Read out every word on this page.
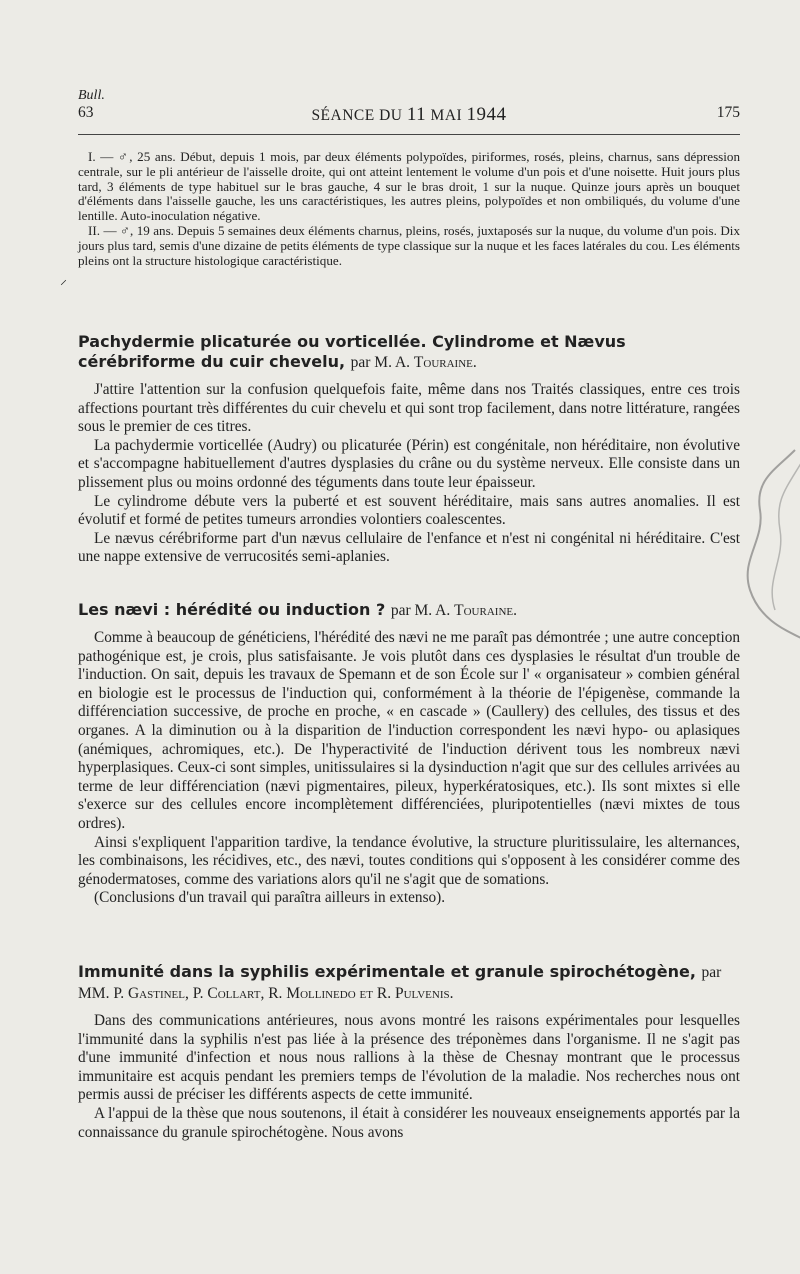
Bull.
63	SÉANCE DU 11 MAI 1944	175

I. — ♂, 25 ans. Début, depuis 1 mois, par deux éléments polypoïdes, piriformes, rosés, pleins, charnus, sans dépression centrale, sur le pli antérieur de l'aisselle droite, qui ont atteint lentement le volume d'un pois et d'une noisette. Huit jours plus tard, 3 éléments de type habituel sur le bras gauche, 4 sur le bras droit, 1 sur la nuque. Quinze jours après un bouquet d'éléments dans l'aisselle gauche, les uns caractéristiques, les autres pleins, polypoïdes et non ombiliqués, du volume d'une lentille. Auto-inoculation négative.

II. — ♂, 19 ans. Depuis 5 semaines deux éléments charnus, pleins, rosés, juxtaposés sur la nuque, du volume d'un pois. Dix jours plus tard, semis d'une dizaine de petits éléments de type classique sur la nuque et les faces latérales du cou. Les éléments pleins ont la structure histologique caractéristique.

⸝
Pachydermie plicaturée ou vorticellée. Cylindrome et Nævus cérébriforme du cuir chevelu, par M. A. Touraine.

J'attire l'attention sur la confusion quelquefois faite, même dans nos Traités classiques, entre ces trois affections pourtant très différentes du cuir chevelu et qui sont trop facilement, dans notre littérature, rangées sous le premier de ces titres.

La pachydermie vorticellée (Audry) ou plicaturée (Périn) est congénitale, non héréditaire, non évolutive et s'accompagne habituellement d'autres dysplasies du crâne ou du système nerveux. Elle consiste dans un plissement plus ou moins ordonné des téguments dans toute leur épaisseur.

Le cylindrome débute vers la puberté et est souvent héréditaire, mais sans autres anomalies. Il est évolutif et formé de petites tumeurs arrondies volontiers coalescentes.

Le nævus cérébriforme part d'un nævus cellulaire de l'enfance et n'est ni congénital ni héréditaire. C'est une nappe extensive de verrucosités semi-aplanies.

Les nævi : hérédité ou induction ? par M. A. Touraine.

Comme à beaucoup de généticiens, l'hérédité des nævi ne me paraît pas démontrée ; une autre conception pathogénique est, je crois, plus satisfaisante. Je vois plutôt dans ces dysplasies le résultat d'un trouble de l'induction. On sait, depuis les travaux de Spemann et de son École sur l' « organisateur » combien général en biologie est le processus de l'induction qui, conformément à la théorie de l'épigenèse, commande la différenciation successive, de proche en proche, « en cascade » (Caullery) des cellules, des tissus et des organes. A la diminution ou à la disparition de l'induction correspondent les nævi hypo- ou aplasiques (anémiques, achromiques, etc.). De l'hyperactivité de l'induction dérivent tous les nombreux nævi hyperplasiques. Ceux-ci sont simples, unitissulaires si la dysinduction n'agit que sur des cellules arrivées au terme de leur différenciation (nævi pigmentaires, pileux, hyperkératosiques, etc.). Ils sont mixtes si elle s'exerce sur des cellules encore incomplètement différenciées, pluripotentielles (nævi mixtes de tous ordres).

Ainsi s'expliquent l'apparition tardive, la tendance évolutive, la structure pluritissulaire, les alternances, les combinaisons, les récidives, etc., des nævi, toutes conditions qui s'opposent à les considérer comme des génodermatoses, comme des variations alors qu'il ne s'agit que de somations.

(Conclusions d'un travail qui paraîtra ailleurs in extenso).

Immunité dans la syphilis expérimentale et granule spirochétogène, par MM. P. Gastinel, P. Collart, R. Mollinedo et R. Pulvenis.

Dans des communications antérieures, nous avons montré les raisons expérimentales pour lesquelles l'immunité dans la syphilis n'est pas liée à la présence des tréponèmes dans l'organisme. Il ne s'agit pas d'une immunité d'infection et nous nous rallions à la thèse de Chesnay montrant que le processus immunitaire est acquis pendant les premiers temps de l'évolution de la maladie. Nos recherches nous ont permis aussi de préciser les différents aspects de cette immunité.

A l'appui de la thèse que nous soutenons, il était à considérer les nouveaux enseignements apportés par la connaissance du granule spirochétogène. Nous avons
